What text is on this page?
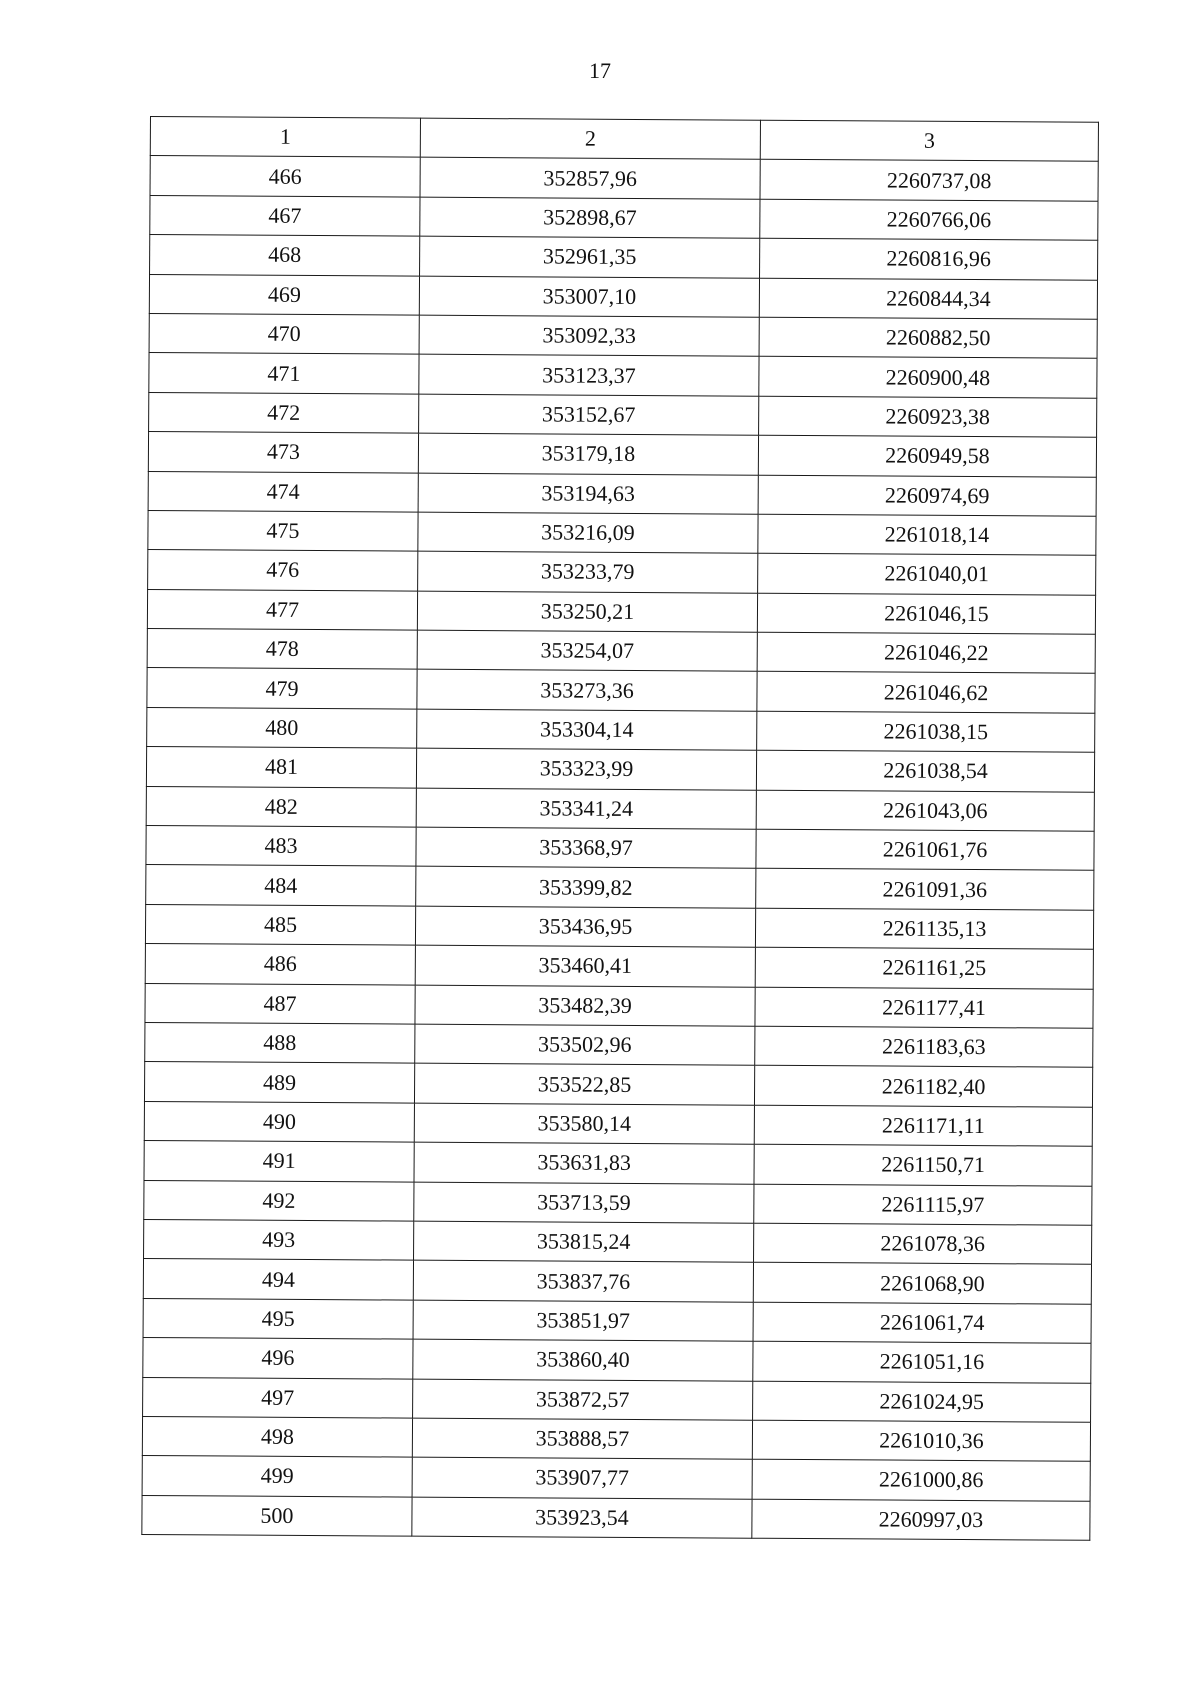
17
1	2	3
466	352857,96	2260737,08
467	352898,67	2260766,06
468	352961,35	2260816,96
469	353007,10	2260844,34
470	353092,33	2260882,50
471	353123,37	2260900,48
472	353152,67	2260923,38
473	353179,18	2260949,58
474	353194,63	2260974,69
475	353216,09	2261018,14
476	353233,79	2261040,01
477	353250,21	2261046,15
478	353254,07	2261046,22
479	353273,36	2261046,62
480	353304,14	2261038,15
481	353323,99	2261038,54
482	353341,24	2261043,06
483	353368,97	2261061,76
484	353399,82	2261091,36
485	353436,95	2261135,13
486	353460,41	2261161,25
487	353482,39	2261177,41
488	353502,96	2261183,63
489	353522,85	2261182,40
490	353580,14	2261171,11
491	353631,83	2261150,71
492	353713,59	2261115,97
493	353815,24	2261078,36
494	353837,76	2261068,90
495	353851,97	2261061,74
496	353860,40	2261051,16
497	353872,57	2261024,95
498	353888,57	2261010,36
499	353907,77	2261000,86
500	353923,54	2260997,03
